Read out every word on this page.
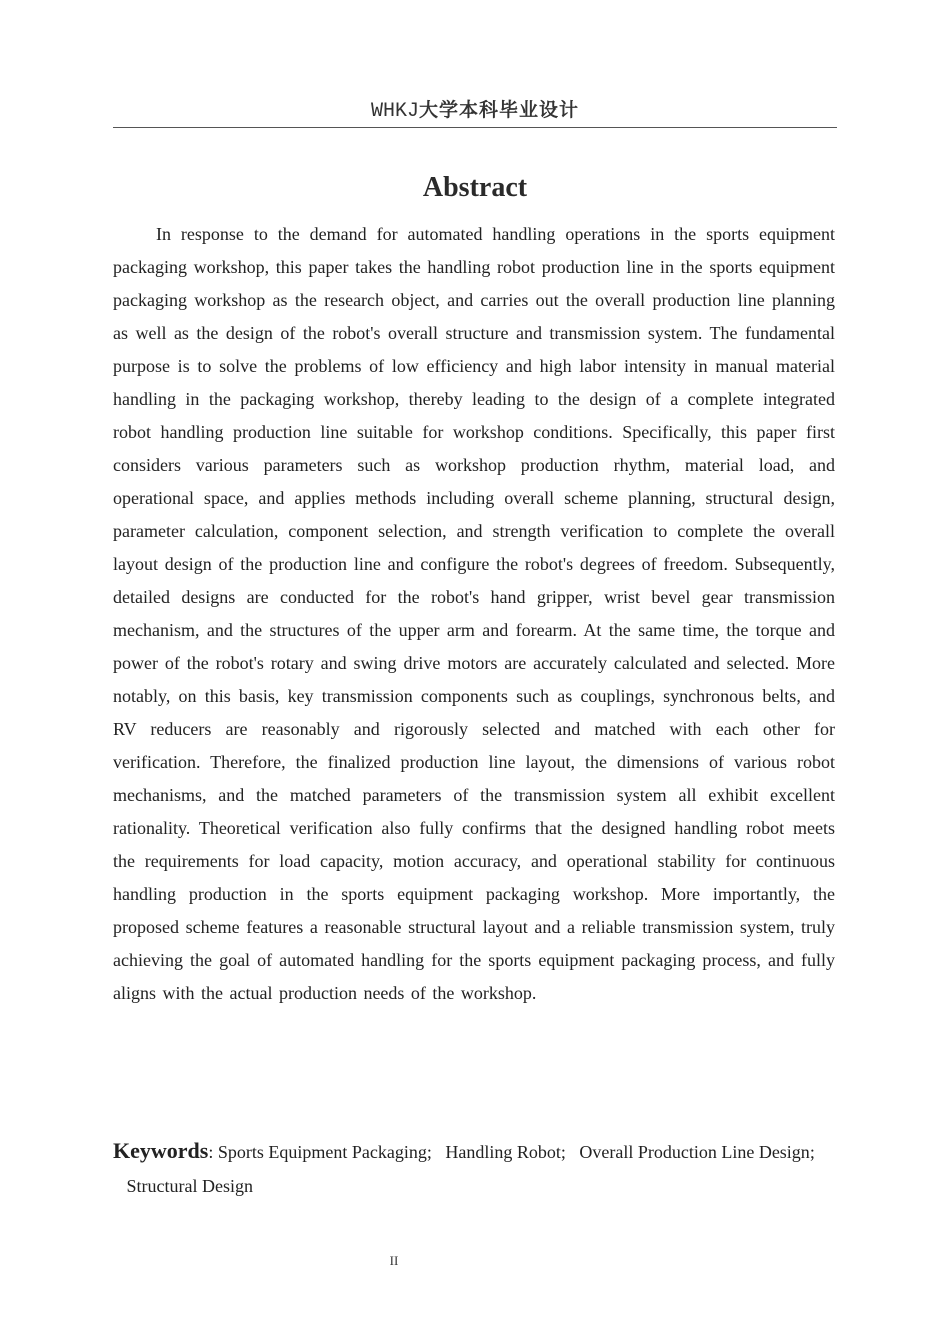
WHKJ大学本科毕业设计
Abstract

In response to the demand for automated handling operations in the sports equipment packaging workshop, this paper takes the handling robot production line in the sports equipment packaging workshop as the research object, and carries out the overall production line planning as well as the design of the robot's overall structure and transmission system. The fundamental purpose is to solve the problems of low efficiency and high labor intensity in manual material handling in the packaging workshop, thereby leading to the design of a complete integrated robot handling production line suitable for workshop conditions. Specifically, this paper first considers various parameters such as workshop production rhythm, material load, and operational space, and applies methods including overall scheme planning, structural design, parameter calculation, component selection, and strength verification to complete the overall layout design of the production line and configure the robot's degrees of freedom. Subsequently, detailed designs are conducted for the robot's hand gripper, wrist bevel gear transmission mechanism, and the structures of the upper arm and forearm. At the same time, the torque and power of the robot's rotary and swing drive motors are accurately calculated and selected. More notably, on this basis, key transmission components such as couplings, synchronous belts, and RV reducers are reasonably and rigorously selected and matched with each other for verification. Therefore, the finalized production line layout, the dimensions of various robot mechanisms, and the matched parameters of the transmission system all exhibit excellent rationality. Theoretical verification also fully confirms that the designed handling robot meets the requirements for load capacity, motion accuracy, and operational stability for continuous handling production in the sports equipment packaging workshop. More importantly, the proposed scheme features a reasonable structural layout and a reliable transmission system, truly achieving the goal of automated handling for the sports equipment packaging process, and fully aligns with the actual production needs of the workshop.

Keywords: Sports Equipment Packaging; Handling Robot; Overall Production Line Design;   Structural Design

II
